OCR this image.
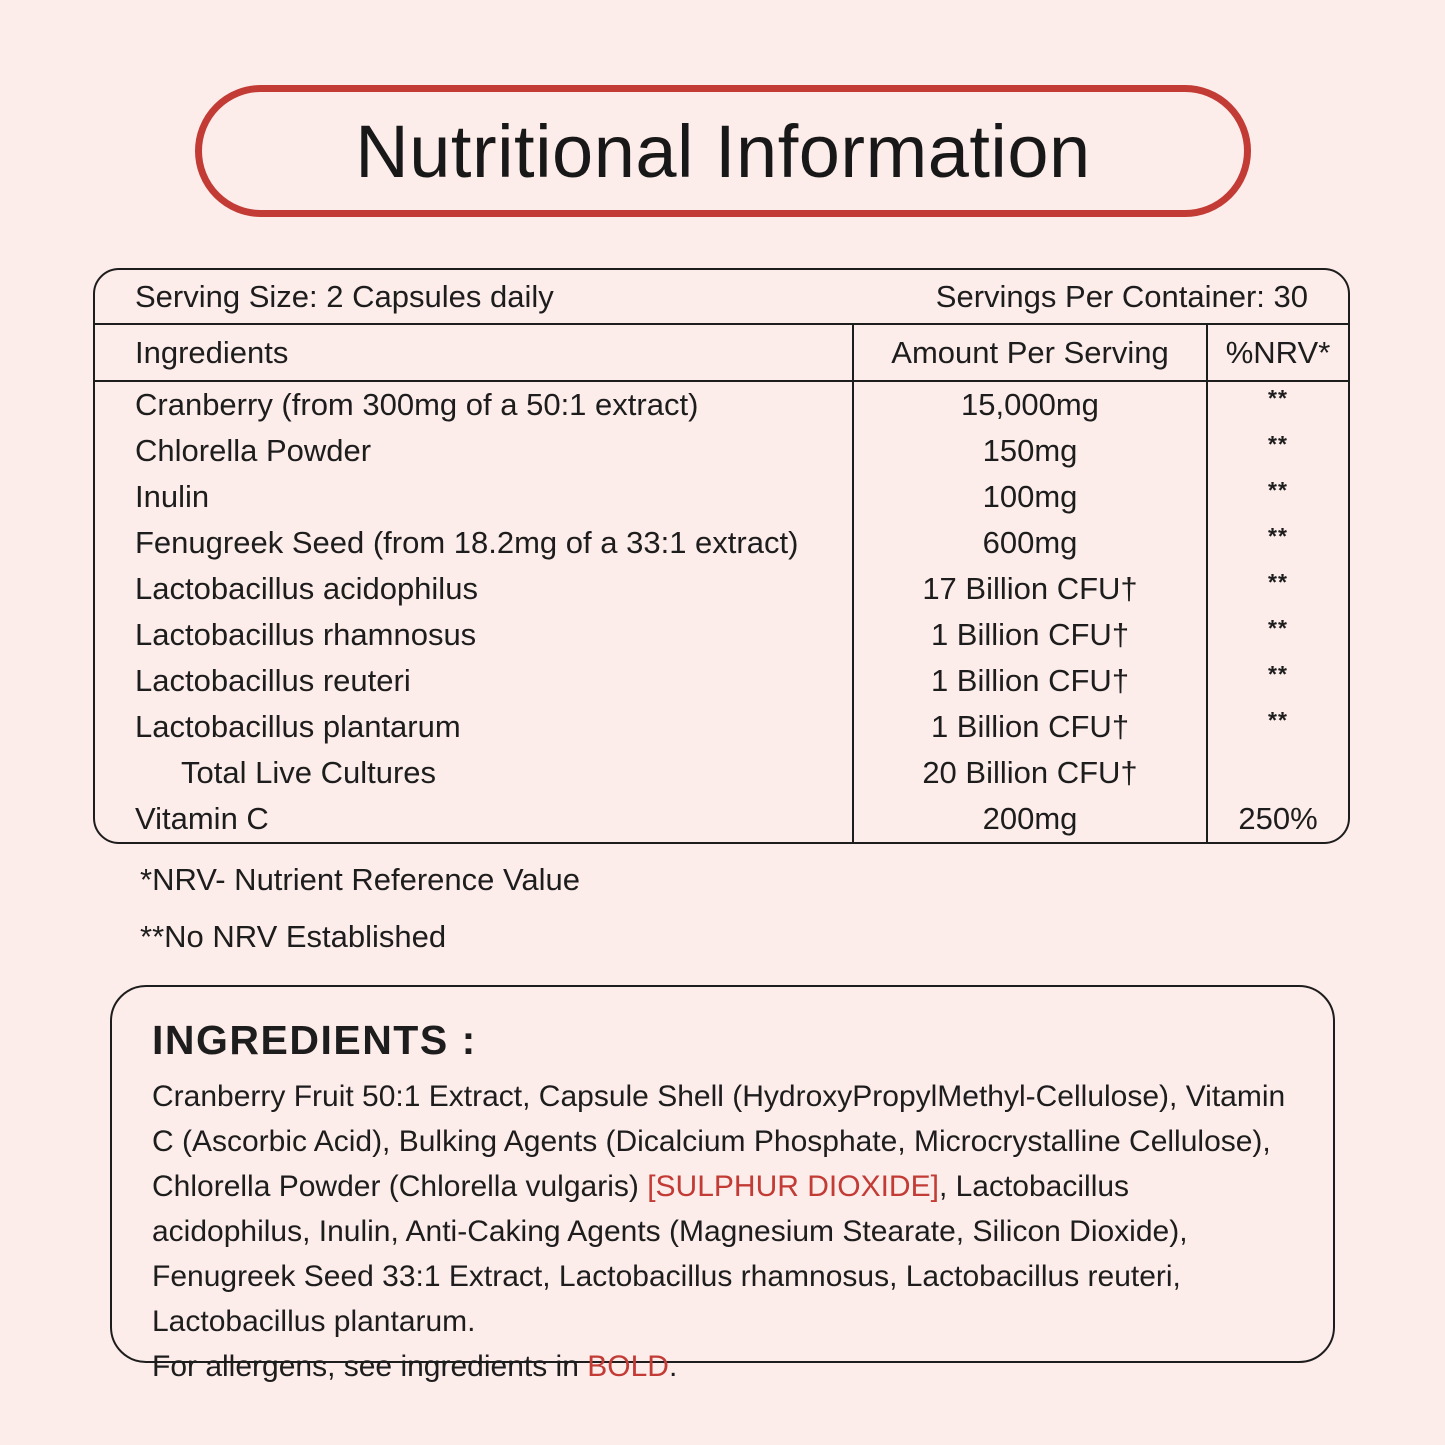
Nutritional Information
Serving Size: 2 Capsules daily	Servings Per Container: 30
Ingredients	Amount Per Serving	%NRV*
Cranberry (from 300mg of a 50:1 extract)	15,000mg	**
Chlorella Powder	150mg	**
Inulin	100mg	**
Fenugreek Seed (from 18.2mg of a 33:1 extract)	600mg	**
Lactobacillus acidophilus	17 Billion CFU†	**
Lactobacillus rhamnosus	1 Billion CFU†	**
Lactobacillus reuteri	1 Billion CFU†	**
Lactobacillus plantarum	1 Billion CFU†	**
Total Live Cultures	20 Billion CFU†
Vitamin C	200mg	250%
*NRV- Nutrient Reference Value
**No NRV Established
INGREDIENTS :
Cranberry Fruit 50:1 Extract, Capsule Shell (HydroxyPropylMethyl-Cellulose), Vitamin C (Ascorbic Acid), Bulking Agents (Dicalcium Phosphate, Microcrystalline Cellulose), Chlorella Powder (Chlorella vulgaris) [SULPHUR DIOXIDE], Lactobacillus acidophilus, Inulin, Anti-Caking Agents (Magnesium Stearate, Silicon Dioxide), Fenugreek Seed 33:1 Extract, Lactobacillus rhamnosus, Lactobacillus reuteri, Lactobacillus plantarum.
For allergens, see ingredients in BOLD.
